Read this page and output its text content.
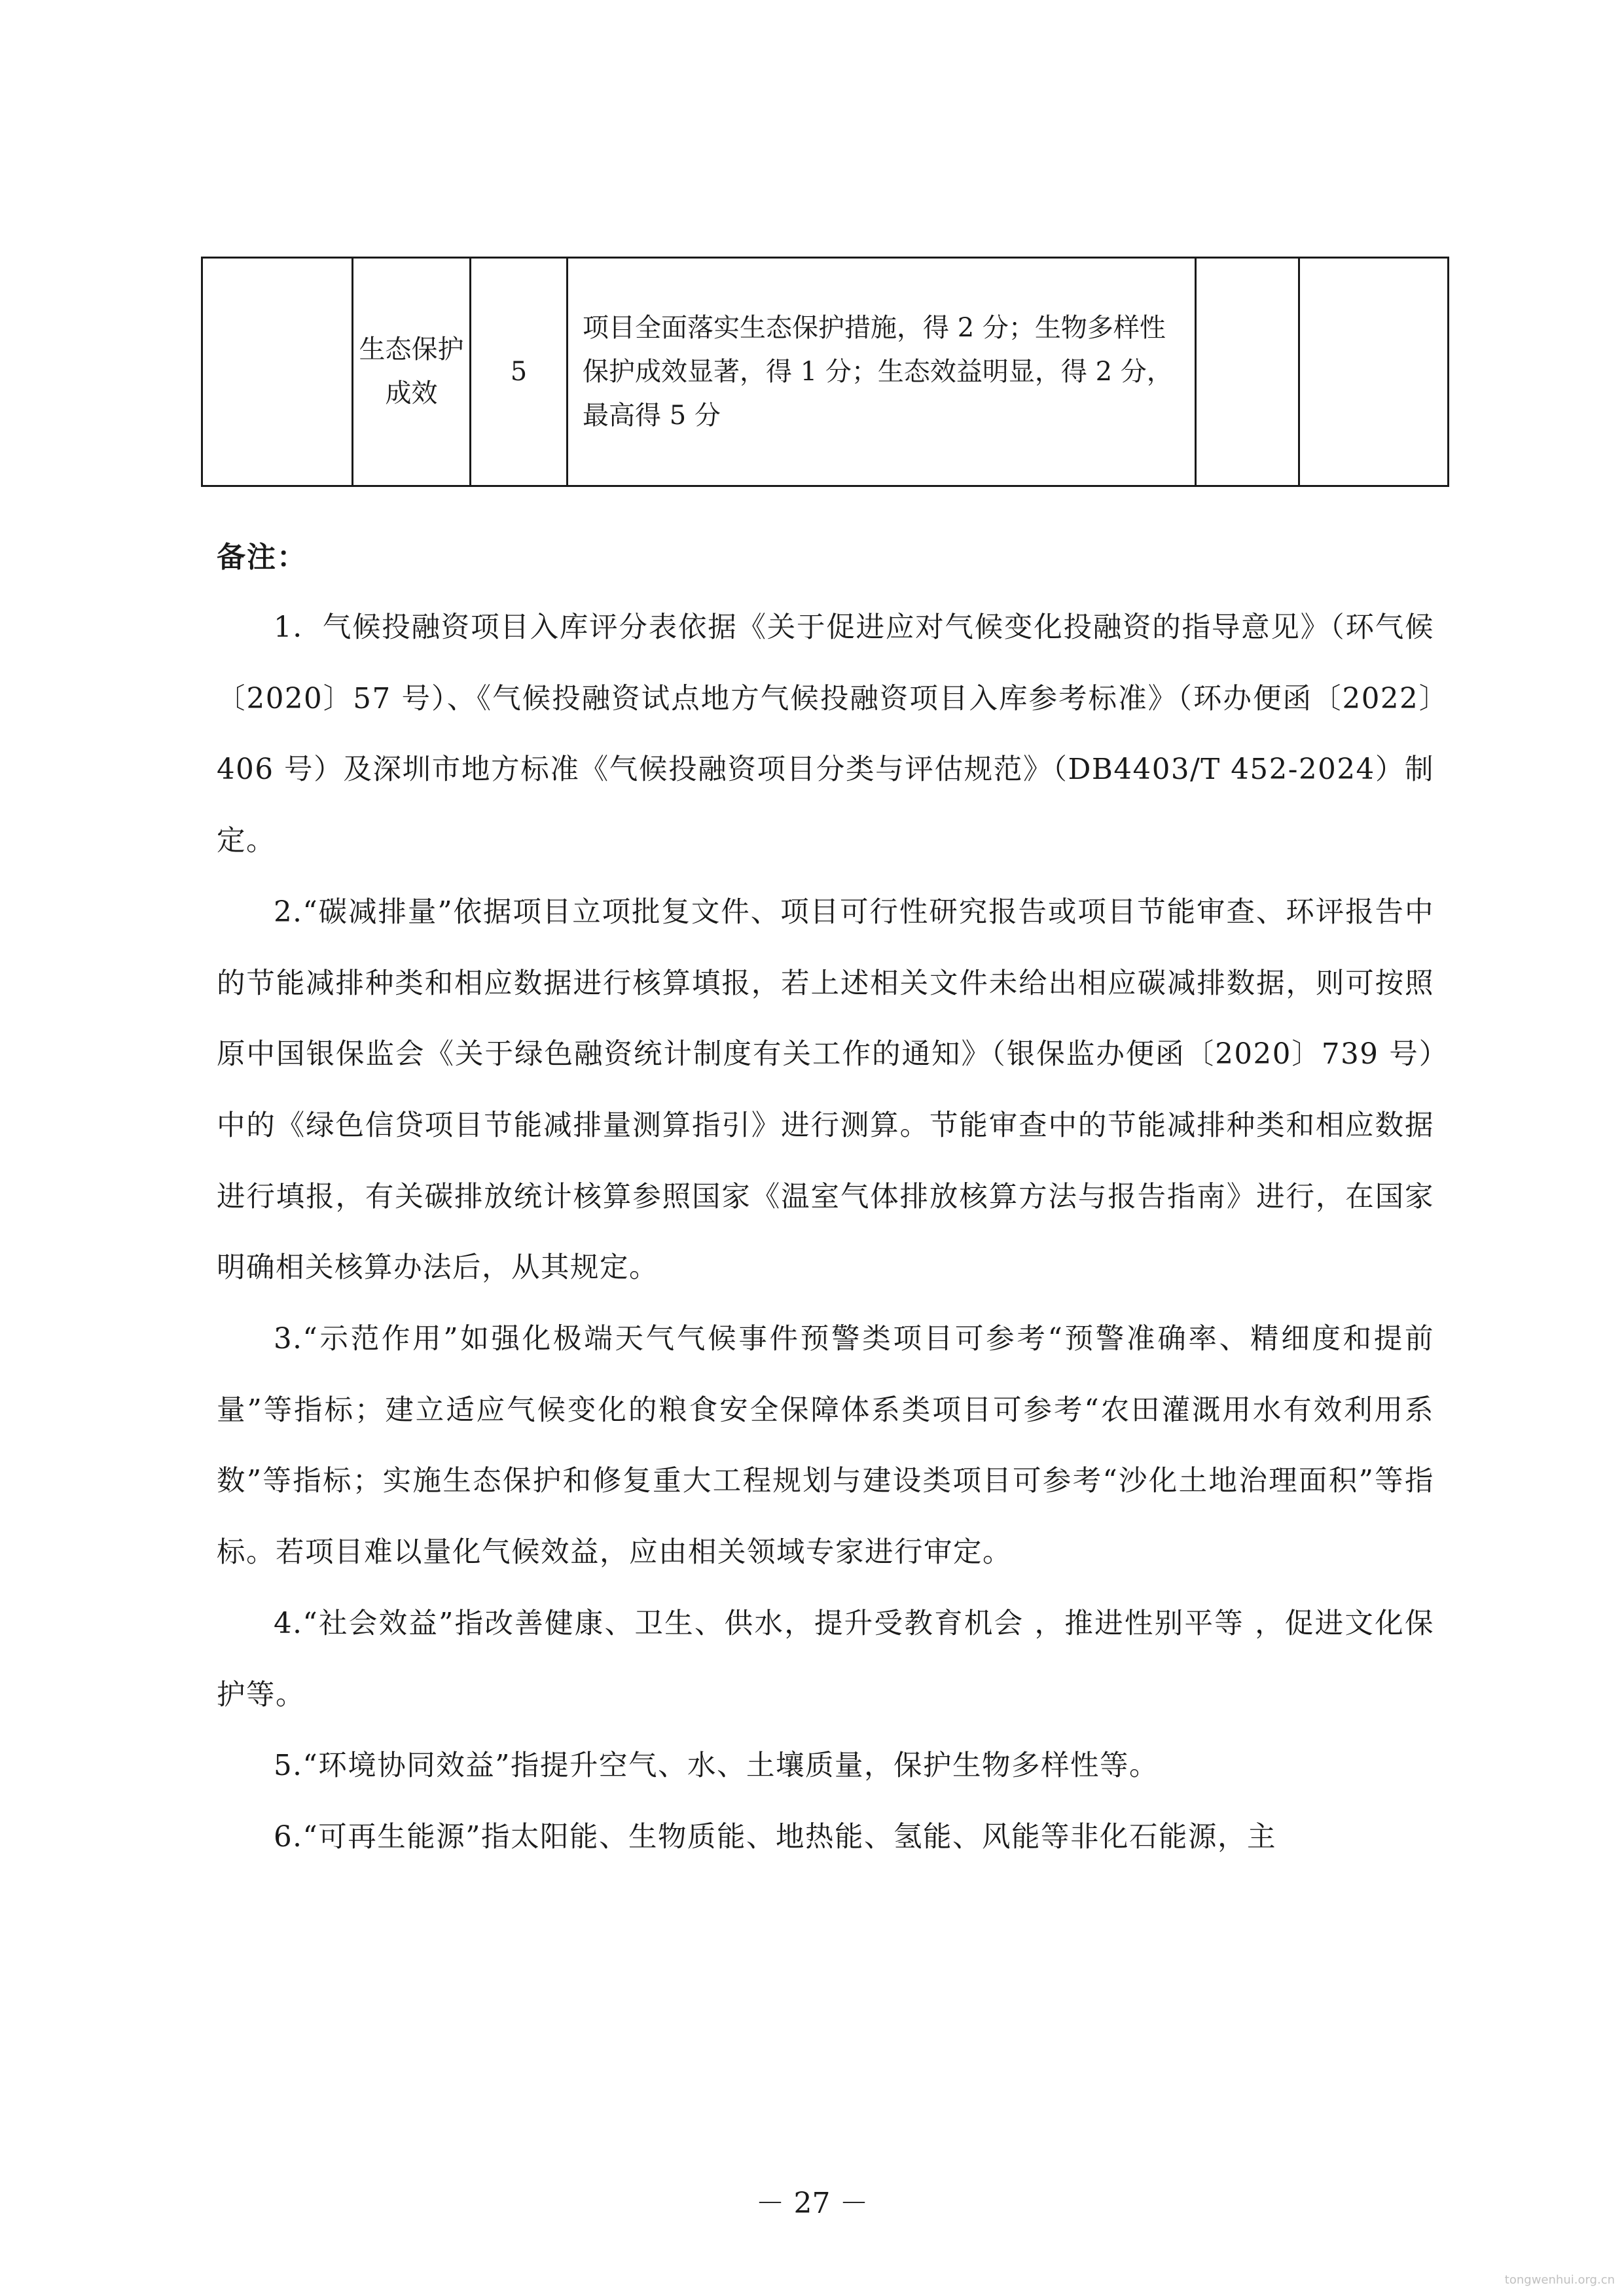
	生态保护成效	5	项目全面落实生态保护措施，得 2 分；生物多样性保护成效显著，得 1 分；生态效益明显，得 2 分，最高得 5 分		
备注：

1．气候投融资项目入库评分表依据《关于促进应对气候变化投融资的指导意见》（环气候〔2020〕57 号）、《气候投融资试点地方气候投融资项目入库参考标准》（环办便函〔2022〕406 号）及深圳市地方标准《气候投融资项目分类与评估规范》（DB4403/T 452-2024）制定。

2.“碳减排量”依据项目立项批复文件、项目可行性研究报告或项目节能审查、环评报告中的节能减排种类和相应数据进行核算填报，若上述相关文件未给出相应碳减排数据，则可按照原中国银保监会《关于绿色融资统计制度有关工作的通知》（银保监办便函〔2020〕739 号）中的《绿色信贷项目节能减排量测算指引》进行测算。节能审查中的节能减排种类和相应数据进行填报，有关碳排放统计核算参照国家《温室气体排放核算方法与报告指南》进行，在国家明确相关核算办法后，从其规定。

3.“示范作用”如强化极端天气气候事件预警类项目可参考“预警准确率、精细度和提前量”等指标；建立适应气候变化的粮食安全保障体系类项目可参考“农田灌溉用水有效利用系数”等指标；实施生态保护和修复重大工程规划与建设类项目可参考“沙化土地治理面积”等指标。若项目难以量化气候效益，应由相关领域专家进行审定。

4.“社会效益”指改善健康、卫生、供水，提升受教育机会 ，推进性别平等 ，促进文化保护等。

5.“环境协同效益”指提升空气、水、土壤质量，保护生物多样性等。

6.“可再生能源”指太阳能、生物质能、地热能、氢能、风能等非化石能源，主

－ 27 －
tongwenhui.org.cn
